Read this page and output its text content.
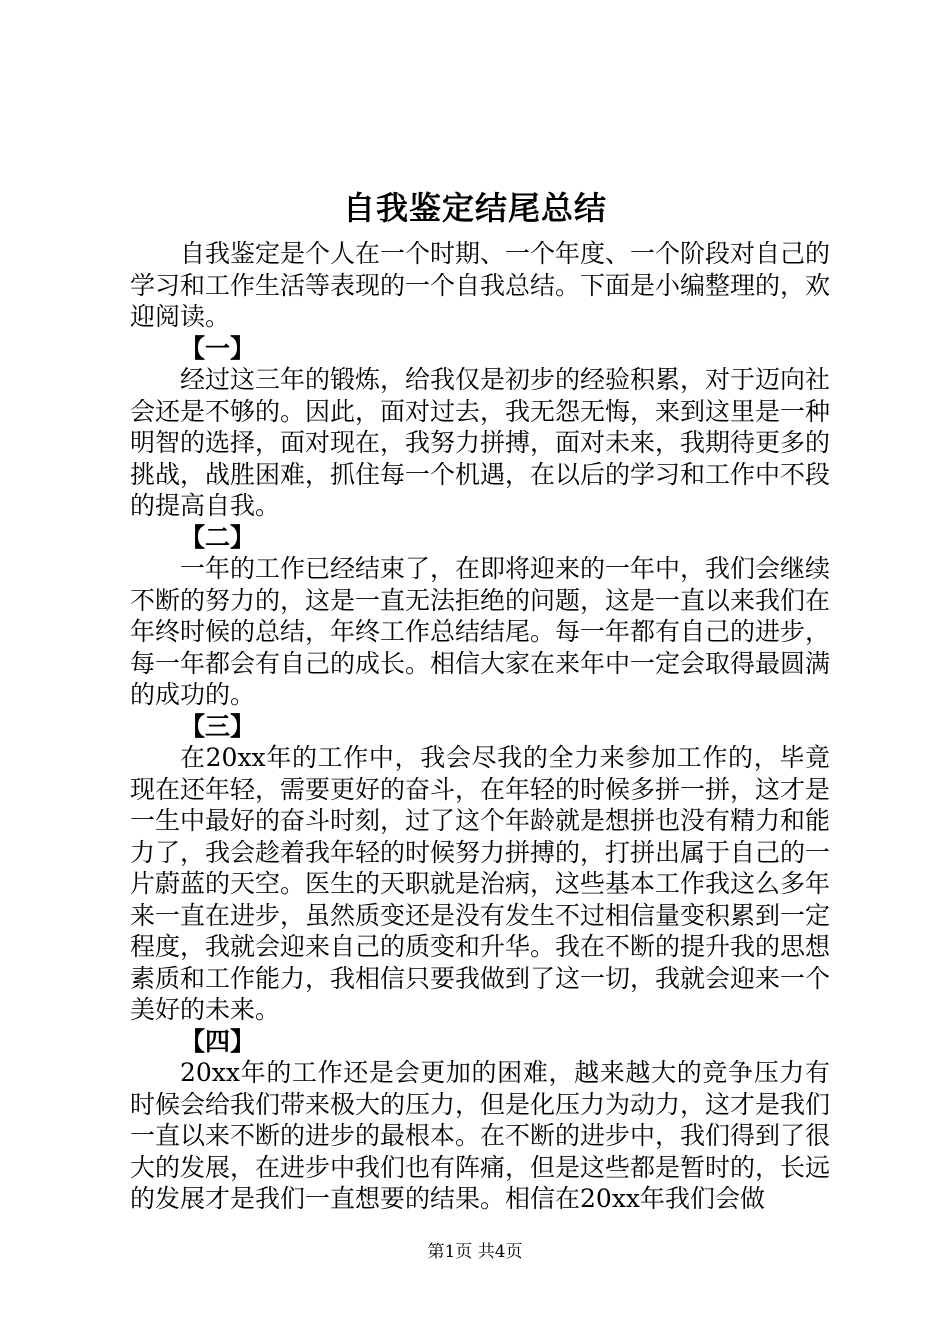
自我鉴定结尾总结

自我鉴定是个人在一个时期、一个年度、一个阶段对自己的学习和工作生活等表现的一个自我总结。下面是小编整理的，欢迎阅读。

【一】

经过这三年的锻炼，给我仅是初步的经验积累，对于迈向社会还是不够的。因此，面对过去，我无怨无悔，来到这里是一种明智的选择，面对现在，我努力拼搏，面对未来，我期待更多的挑战，战胜困难，抓住每一个机遇，在以后的学习和工作中不段的提高自我。

【二】

一年的工作已经结束了，在即将迎来的一年中，我们会继续不断的努力的，这是一直无法拒绝的问题，这是一直以来我们在年终时候的总结，年终工作总结结尾。每一年都有自己的进步，每一年都会有自己的成长。相信大家在来年中一定会取得最圆满的成功的。

【三】

在20xx年的工作中，我会尽我的全力来参加工作的，毕竟现在还年轻，需要更好的奋斗，在年轻的时候多拼一拼，这才是一生中最好的奋斗时刻，过了这个年龄就是想拼也没有精力和能力了，我会趁着我年轻的时候努力拼搏的，打拼出属于自己的一片蔚蓝的天空。医生的天职就是治病，这些基本工作我这么多年来一直在进步，虽然质变还是没有发生不过相信量变积累到一定程度，我就会迎来自己的质变和升华。我在不断的提升我的思想素质和工作能力，我相信只要我做到了这一切，我就会迎来一个美好的未来。

【四】

20xx年的工作还是会更加的困难，越来越大的竞争压力有时候会给我们带来极大的压力，但是化压力为动力，这才是我们一直以来不断的进步的最根本。在不断的进步中，我们得到了很大的发展，在进步中我们也有阵痛，但是这些都是暂时的，长远的发展才是我们一直想要的结果。相信在20xx年我们会做

第1页 共4页
